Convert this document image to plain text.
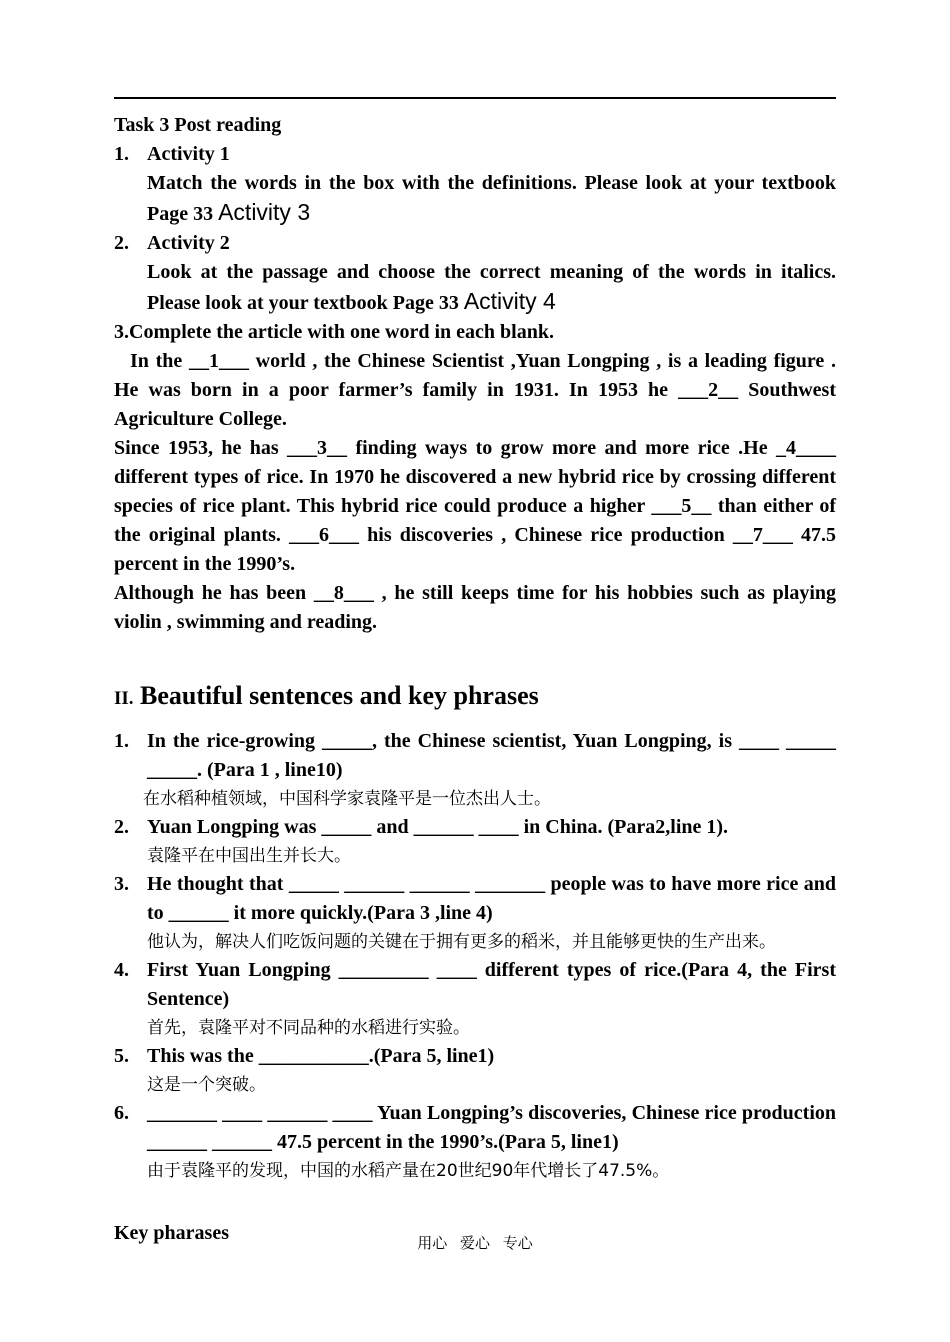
Task 3 Post reading

1. Activity 1
Match the words in the box with the definitions. Please look at your textbook Page 33 Activity 3
2. Activity 2
Look at the passage and choose the correct meaning of the words in italics. Please look at your textbook Page 33 Activity 4

3.Complete the article with one word in each blank.

In the __1___ world , the Chinese Scientist ,Yuan Longping , is a leading figure . He was born in a poor farmer’s family in 1931. In 1953 he ___2__ Southwest Agriculture College.

Since 1953, he has ___3__ finding ways to grow more and more rice .He _4____ different types of rice. In 1970 he discovered a new hybrid rice by crossing different species of rice plant. This hybrid rice could produce a higher ___5__ than either of the original plants. ___6___ his discoveries , Chinese rice production __7___ 47.5 percent in the 1990’s.

Although he has been __8___ , he still keeps time for his hobbies such as playing violin , swimming and reading.

II. Beautiful sentences and key phrases
1. In the rice-growing _____, the Chinese scientist, Yuan Longping, is ____ _____ _____. (Para 1 , line10)
在水稻种植领域，中国科学家袁隆平是一位杰出人士。
2. Yuan Longping was _____ and ______ ____ in China. (Para2,line 1).
袁隆平在中国出生并长大。
3. He thought that _____ ______ ______ _______ people was to have more rice and to ______ it more quickly.(Para 3 ,line 4)
他认为，解决人们吃饭问题的关键在于拥有更多的稻米，并且能够更快的生产出来。
4. First Yuan Longping _________ ____ different types of rice.(Para 4, the First Sentence)
首先，袁隆平对不同品种的水稻进行实验。
5. This was the ___________.(Para 5, line1)
这是一个突破。
6. _______ ____ ______ ____ Yuan Longping’s discoveries, Chinese rice production ______ ______ 47.5 percent in the 1990’s.(Para 5, line1)
由于袁隆平的发现，中国的水稻产量在20世纪90年代增长了47.5%。
Key pharases	用心 爱心 专心
